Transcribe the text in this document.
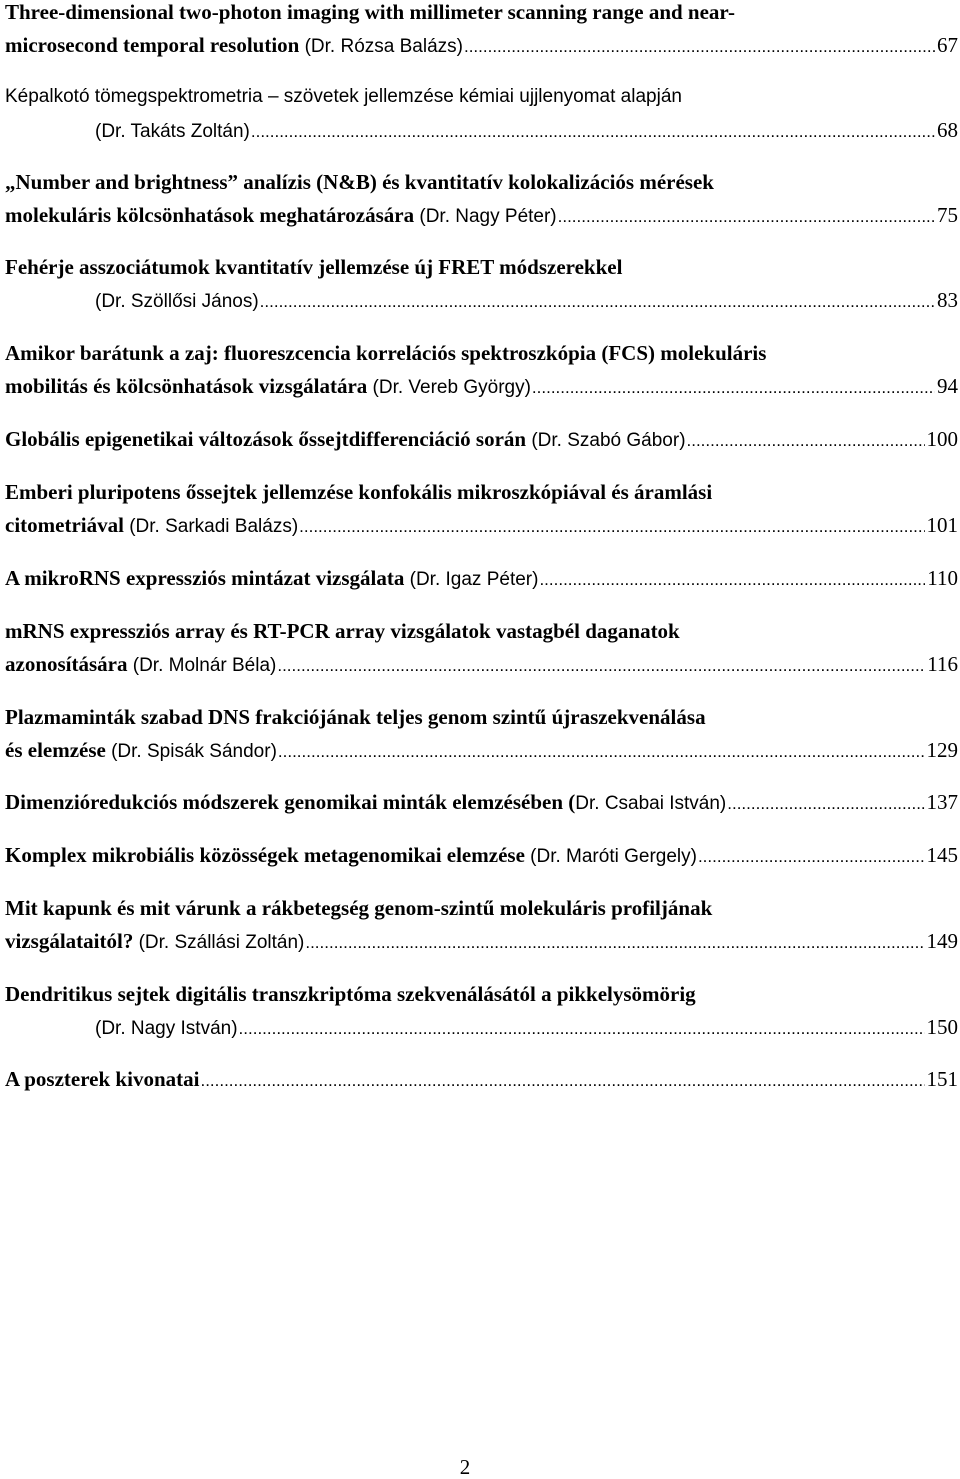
Three-dimensional two-photon imaging with millimeter scanning range and near-
microsecond temporal resolution
(Dr. Rózsa Balázs) .....	67
Képalkotó tömegspektrometria – szövetek jellemzése kémiai ujjlenyomat alapján
(Dr. Takáts Zoltán) .....	68
„Number and brightness” analízis (N&B) és kvantitatív kolokalizációs mérések
molekuláris kölcsönhatások meghatározására
(Dr. Nagy Péter) .....	75
Fehérje asszociátumok kvantitatív jellemzése új FRET módszerekkel
(Dr. Szöllősi János) .....	83
Amikor barátunk a zaj: fluoreszcencia korrelációs spektroszkópia (FCS) molekuláris
mobilitás és kölcsönhatások vizsgálatára
(Dr. Vereb György) .....	94
Globális epigenetikai változások őssejtdifferenciáció során
(Dr. Szabó Gábor) .....	100
Emberi pluripotens őssejtek jellemzése konfokális mikroszkópiával és áramlási
citometriával
(Dr. Sarkadi Balázs) .....	101
A mikroRNS expressziós mintázat vizsgálata
(Dr. Igaz Péter) .....	110
mRNS expressziós array és RT-PCR array vizsgálatok vastagbél daganatok
azonosítására
(Dr. Molnár Béla) .....	116
Plazmaminták szabad DNS frakciójának teljes genom szintű újraszekvenálása
és elemzése
(Dr. Spisák Sándor) .....	129
Dimenzióredukciós módszerek genomikai minták elemzésében ( Dr. Csabai István) .....	137
Komplex mikrobiális közösségek metagenomikai elemzése
(Dr. Maróti Gergely) .....	145
Mit kapunk és mit várunk a rákbetegség genom-szintű molekuláris profiljának
vizsgálataitól?
(Dr. Szállási Zoltán) .....	149
Dendritikus sejtek digitális transzkriptóma szekvenálásától a pikkelysömörig
(Dr. Nagy István) .....	150
A poszterek kivonatai .....	151
2
